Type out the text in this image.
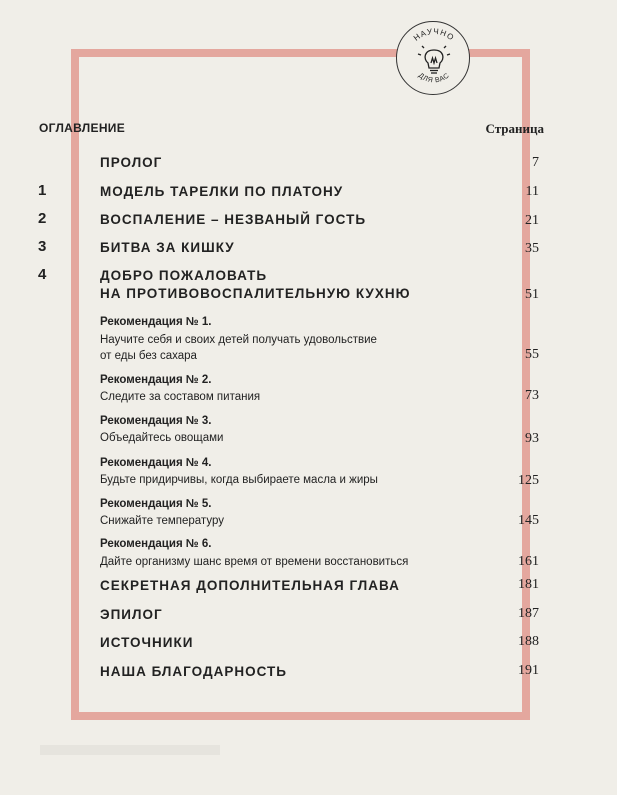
НАУЧНО
ДЛЯ ВАС
ОГЛАВЛЕНИЕ	Страница
ПРОЛОГ	7
1	МОДЕЛЬ ТАРЕЛКИ ПО ПЛАТОНУ	11
2	ВОСПАЛЕНИЕ – НЕЗВАНЫЙ ГОСТЬ	21
3	БИТВА ЗА КИШКУ	35
4	ДОБРО ПОЖАЛОВАТЬ
НА ПРОТИВОВОСПАЛИТЕЛЬНУЮ КУХНЮ	51
Рекомендация № 1.
Научите себя и своих детей получать удовольствие
от еды без сахара	55
Рекомендация № 2.
Следите за составом питания	73
Рекомендация № 3.
Объедайтесь овощами	93
Рекомендация № 4.
Будьте придирчивы, когда выбираете масла и жиры	125
Рекомендация № 5.
Снижайте температуру	145
Рекомендация № 6.
Дайте организму шанс время от времени восстановиться	161
СЕКРЕТНАЯ ДОПОЛНИТЕЛЬНАЯ ГЛАВА	181
ЭПИЛОГ	187
ИСТОЧНИКИ	188
НАША БЛАГОДАРНОСТЬ	191
